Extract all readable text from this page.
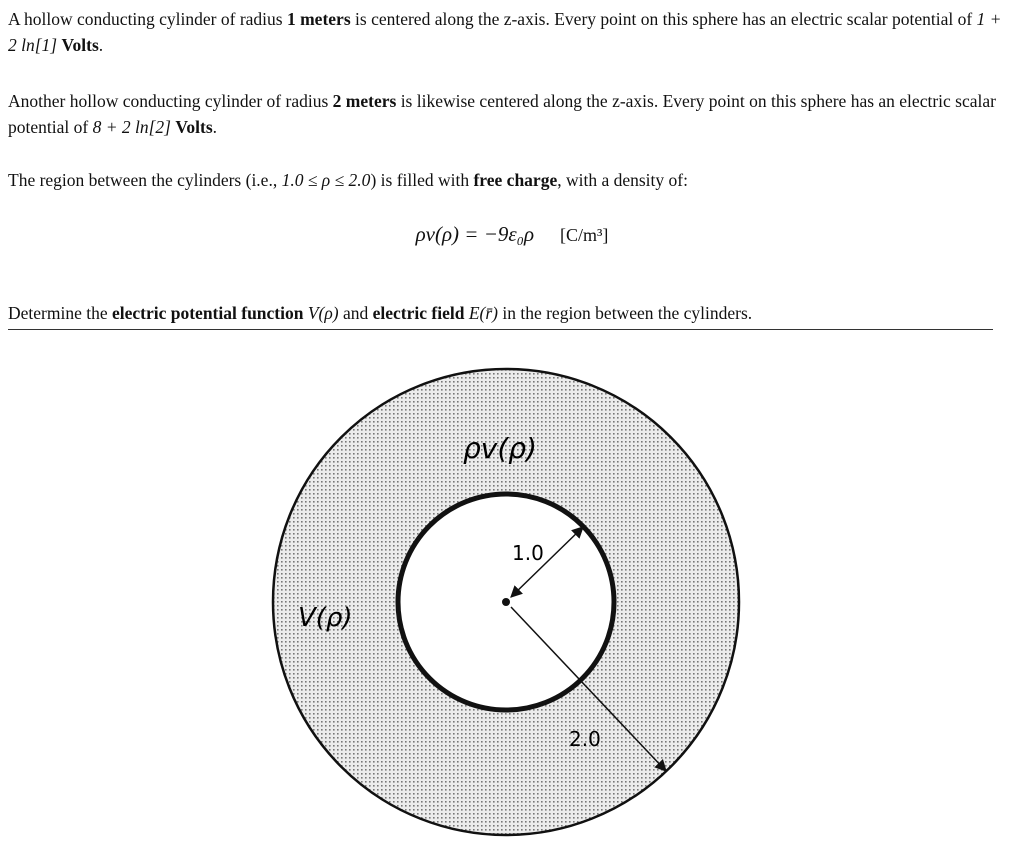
A hollow conducting cylinder of radius 1 meters is centered along the z-axis. Every point on this sphere has an electric scalar potential of 1 + 2 ln[1] Volts.

Another hollow conducting cylinder of radius 2 meters is likewise centered along the z-axis. Every point on this sphere has an electric scalar potential of 8 + 2 ln[2] Volts.

The region between the cylinders (i.e., 1.0 ≤ ρ ≤ 2.0) is filled with free charge, with a density of:

ρv(ρ) = −9ε₀ρ [C/m³]

Determine the electric potential function V(ρ) and electric field E(r̄) in the region between the cylinders.

ρv(ρ)
V(ρ)
1.0
2.0
